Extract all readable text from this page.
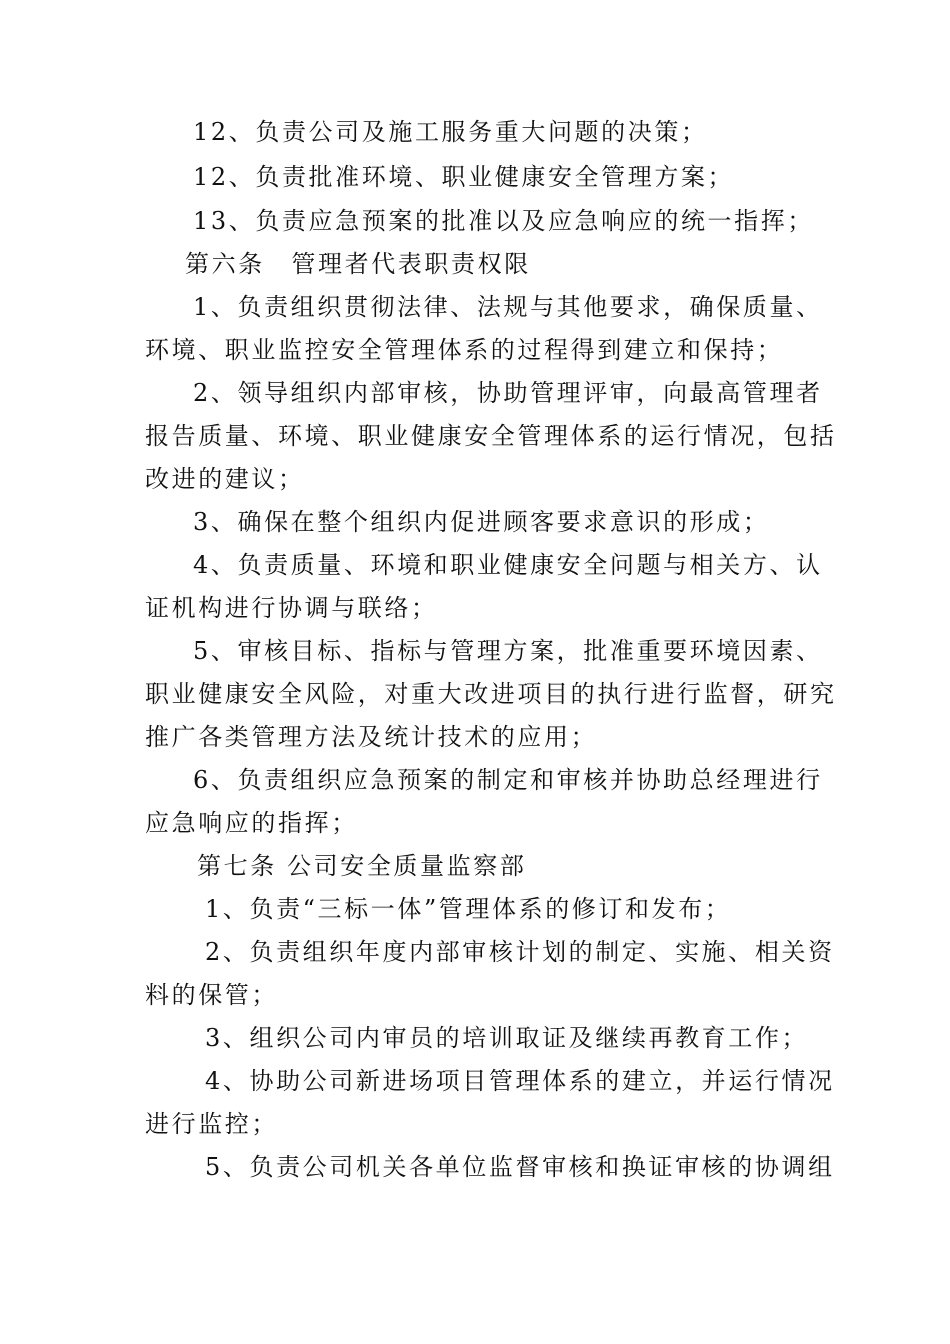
12、负责公司及施工服务重大问题的决策；
12、负责批准环境、职业健康安全管理方案；
13、负责应急预案的批准以及应急响应的统一指挥；
第六条　管理者代表职责权限
1、负责组织贯彻法律、法规与其他要求，确保质量、
环境、职业监控安全管理体系的过程得到建立和保持；
2、领导组织内部审核，协助管理评审，向最高管理者
报告质量、环境、职业健康安全管理体系的运行情况，包括
改进的建议；
3、确保在整个组织内促进顾客要求意识的形成；
4、负责质量、环境和职业健康安全问题与相关方、认
证机构进行协调与联络；
5、审核目标、指标与管理方案，批准重要环境因素、
职业健康安全风险，对重大改进项目的执行进行监督，研究
推广各类管理方法及统计技术的应用；
6、负责组织应急预案的制定和审核并协助总经理进行
应急响应的指挥；
第七条 公司安全质量监察部
1、负责“三标一体”管理体系的修订和发布；
2、负责组织年度内部审核计划的制定、实施、相关资
料的保管；
3、组织公司内审员的培训取证及继续再教育工作；
4、协助公司新进场项目管理体系的建立，并运行情况
进行监控；
5、负责公司机关各单位监督审核和换证审核的协调组
